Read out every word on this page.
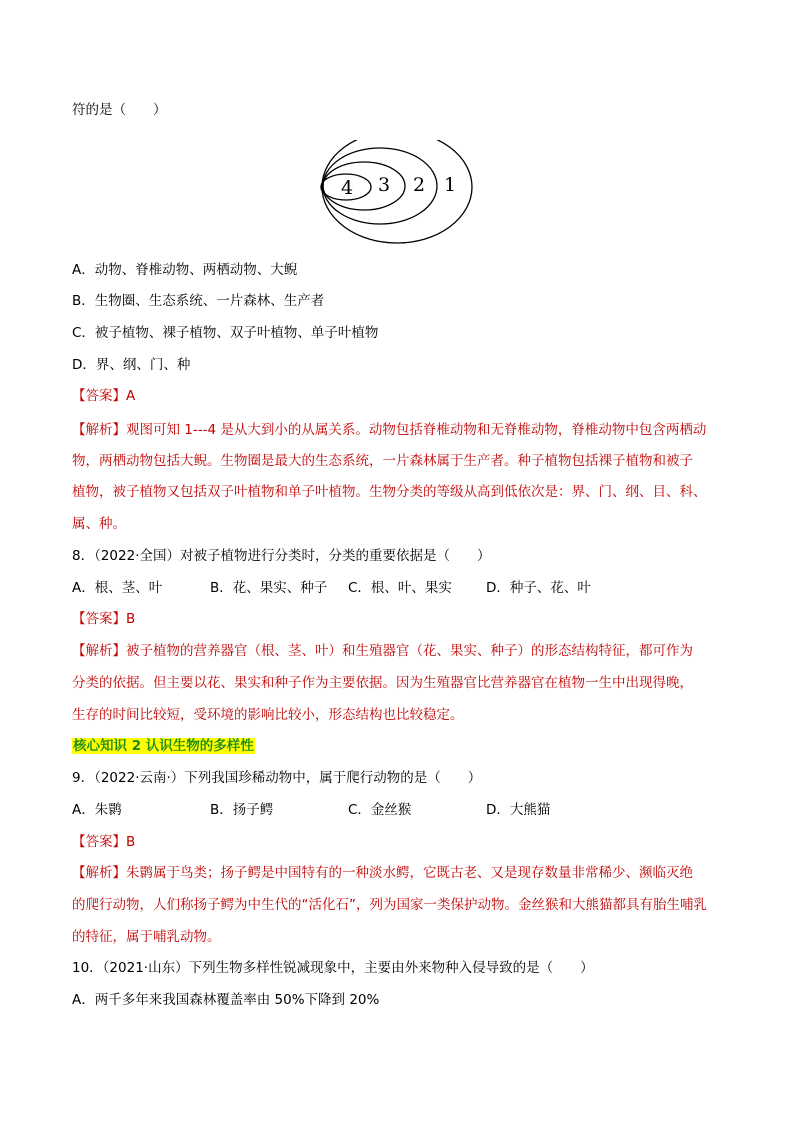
符的是（　　）
4 3 2 1
A．动物、脊椎动物、两栖动物、大鲵
B．生物圈、生态系统、一片森林、生产者
C．被子植物、裸子植物、双子叶植物、单子叶植物
D．界、纲、门、种
【答案】A
【解析】观图可知 1---4 是从大到小的从属关系。动物包括脊椎动物和无脊椎动物，脊椎动物中包含两栖动
物，两栖动物包括大鲵。生物圈是最大的生态系统，一片森林属于生产者。种子植物包括裸子植物和被子
植物，被子植物又包括双子叶植物和单子叶植物。生物分类的等级从高到低依次是：界、门、纲、目、科、
属、种。
8．（2022·全国）对被子植物进行分类时，分类的重要依据是（　　）
A．根、茎、叶	B．花、果实、种子 C．根、叶、果实	D．种子、花、叶
【答案】B
【解析】被子植物的营养器官（根、茎、叶）和生殖器官（花、果实、种子）的形态结构特征，都可作为
分类的依据。但主要以花、果实和种子作为主要依据。因为生殖器官比营养器官在植物一生中出现得晚，
生存的时间比较短，受环境的影响比较小，形态结构也比较稳定。
核心知识 2 认识生物的多样性
9．（2022·云南·）下列我国珍稀动物中，属于爬行动物的是（　　）
A．朱鹮	B．扬子鳄	C．金丝猴	D．大熊猫
【答案】B
【解析】朱鹮属于鸟类；扬子鳄是中国特有的一种淡水鳄，它既古老、又是现存数量非常稀少、濒临灭绝
的爬行动物，人们称扬子鳄为中生代的“活化石”，列为国家一类保护动物。金丝猴和大熊猫都具有胎生哺乳
的特征，属于哺乳动物。
10．（2021·山东）下列生物多样性锐减现象中，主要由外来物种入侵导致的是（　　）
A．两千多年来我国森林覆盖率由 50%下降到 20%
